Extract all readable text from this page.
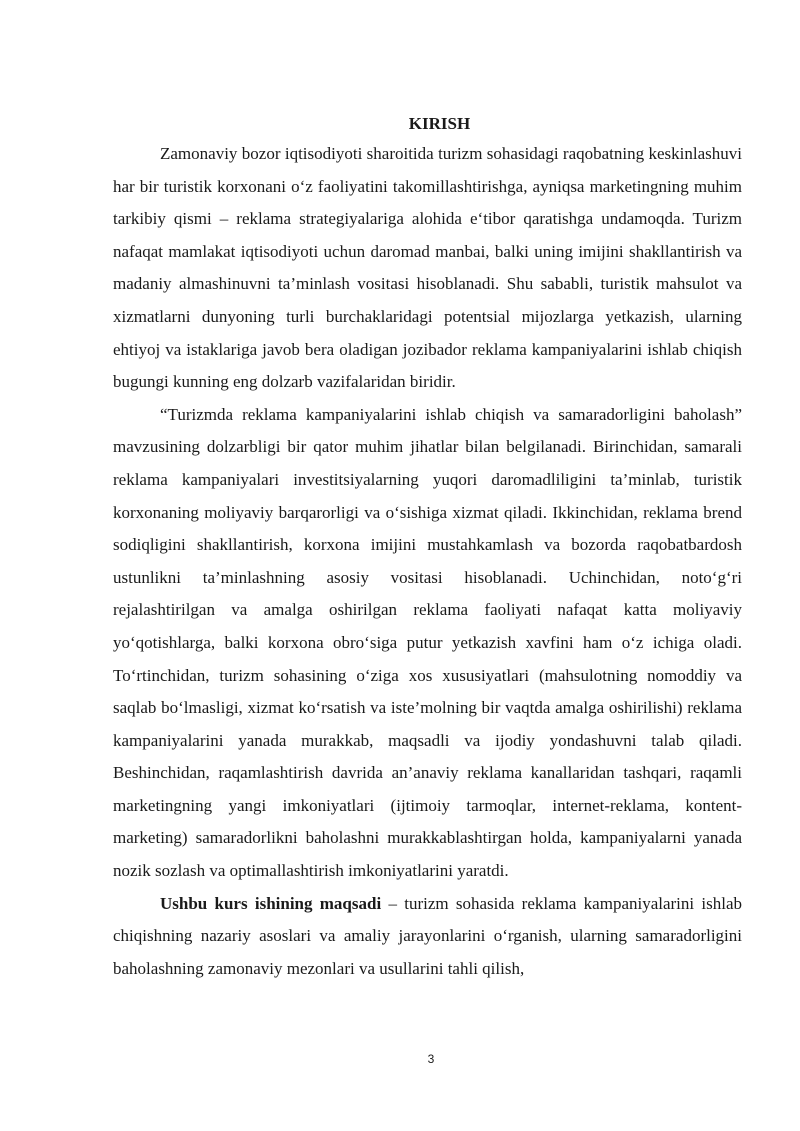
KIRISH

Zamonaviy bozor iqtisodiyoti sharoitida turizm sohasidagi raqobatning keskinlashuvi har bir turistik korxonani o‘z faoliyatini takomillashtirishga, ayniqsa marketingning muhim tarkibiy qismi – reklama strategiyalariga alohida e‘tibor qaratishga undamoqda. Turizm nafaqat mamlakat iqtisodiyoti uchun daromad manbai, balki uning imijini shakllantirish va madaniy almashinuvni ta’minlash vositasi hisoblanadi. Shu sababli, turistik mahsulot va xizmatlarni dunyoning turli burchaklaridagi potentsial mijozlarga yetkazish, ularning ehtiyoj va istaklariga javob bera oladigan jozibador reklama kampaniyalarini ishlab chiqish bugungi kunning eng dolzarb vazifalaridan biridir.

“Turizmda reklama kampaniyalarini ishlab chiqish va samaradorligini baholash” mavzusining dolzarbligi bir qator muhim jihatlar bilan belgilanadi. Birinchidan, samarali reklama kampaniyalari investitsiyalarning yuqori daromadliligini ta’minlab, turistik korxonaning moliyaviy barqarorligi va o‘sishiga xizmat qiladi. Ikkinchidan, reklama brend sodiqligini shakllantirish, korxona imijini mustahkamlash va bozorda raqobatbardosh ustunlikni ta’minlashning asosiy vositasi hisoblanadi. Uchinchidan, noto‘g‘ri rejalashtirilgan va amalga oshirilgan reklama faoliyati nafaqat katta moliyaviy yo‘qotishlarga, balki korxona obro‘siga putur yetkazish xavfini ham o‘z ichiga oladi. To‘rtinchidan, turizm sohasining o‘ziga xos xususiyatlari (mahsulotning nomoddiy va saqlab bo‘lmasligi, xizmat ko‘rsatish va iste’molning bir vaqtda amalga oshirilishi) reklama kampaniyalarini yanada murakkab, maqsadli va ijodiy yondashuvni talab qiladi. Beshinchidan, raqamlashtirish davrida an’anaviy reklama kanallaridan tashqari, raqamli marketingning yangi imkoniyatlari (ijtimoiy tarmoqlar, internet-reklama, kontent-marketing) samaradorlikni baholashni murakkablashtirgan holda, kampaniyalarni yanada nozik sozlash va optimallashtirish imkoniyatlarini yaratdi.

Ushbu kurs ishining maqsadi – turizm sohasida reklama kampaniyalarini ishlab chiqishning nazariy asoslari va amaliy jarayonlarini o‘rganish, ularning samaradorligini baholashning zamonaviy mezonlari va usullarini tahli qilish,

3
